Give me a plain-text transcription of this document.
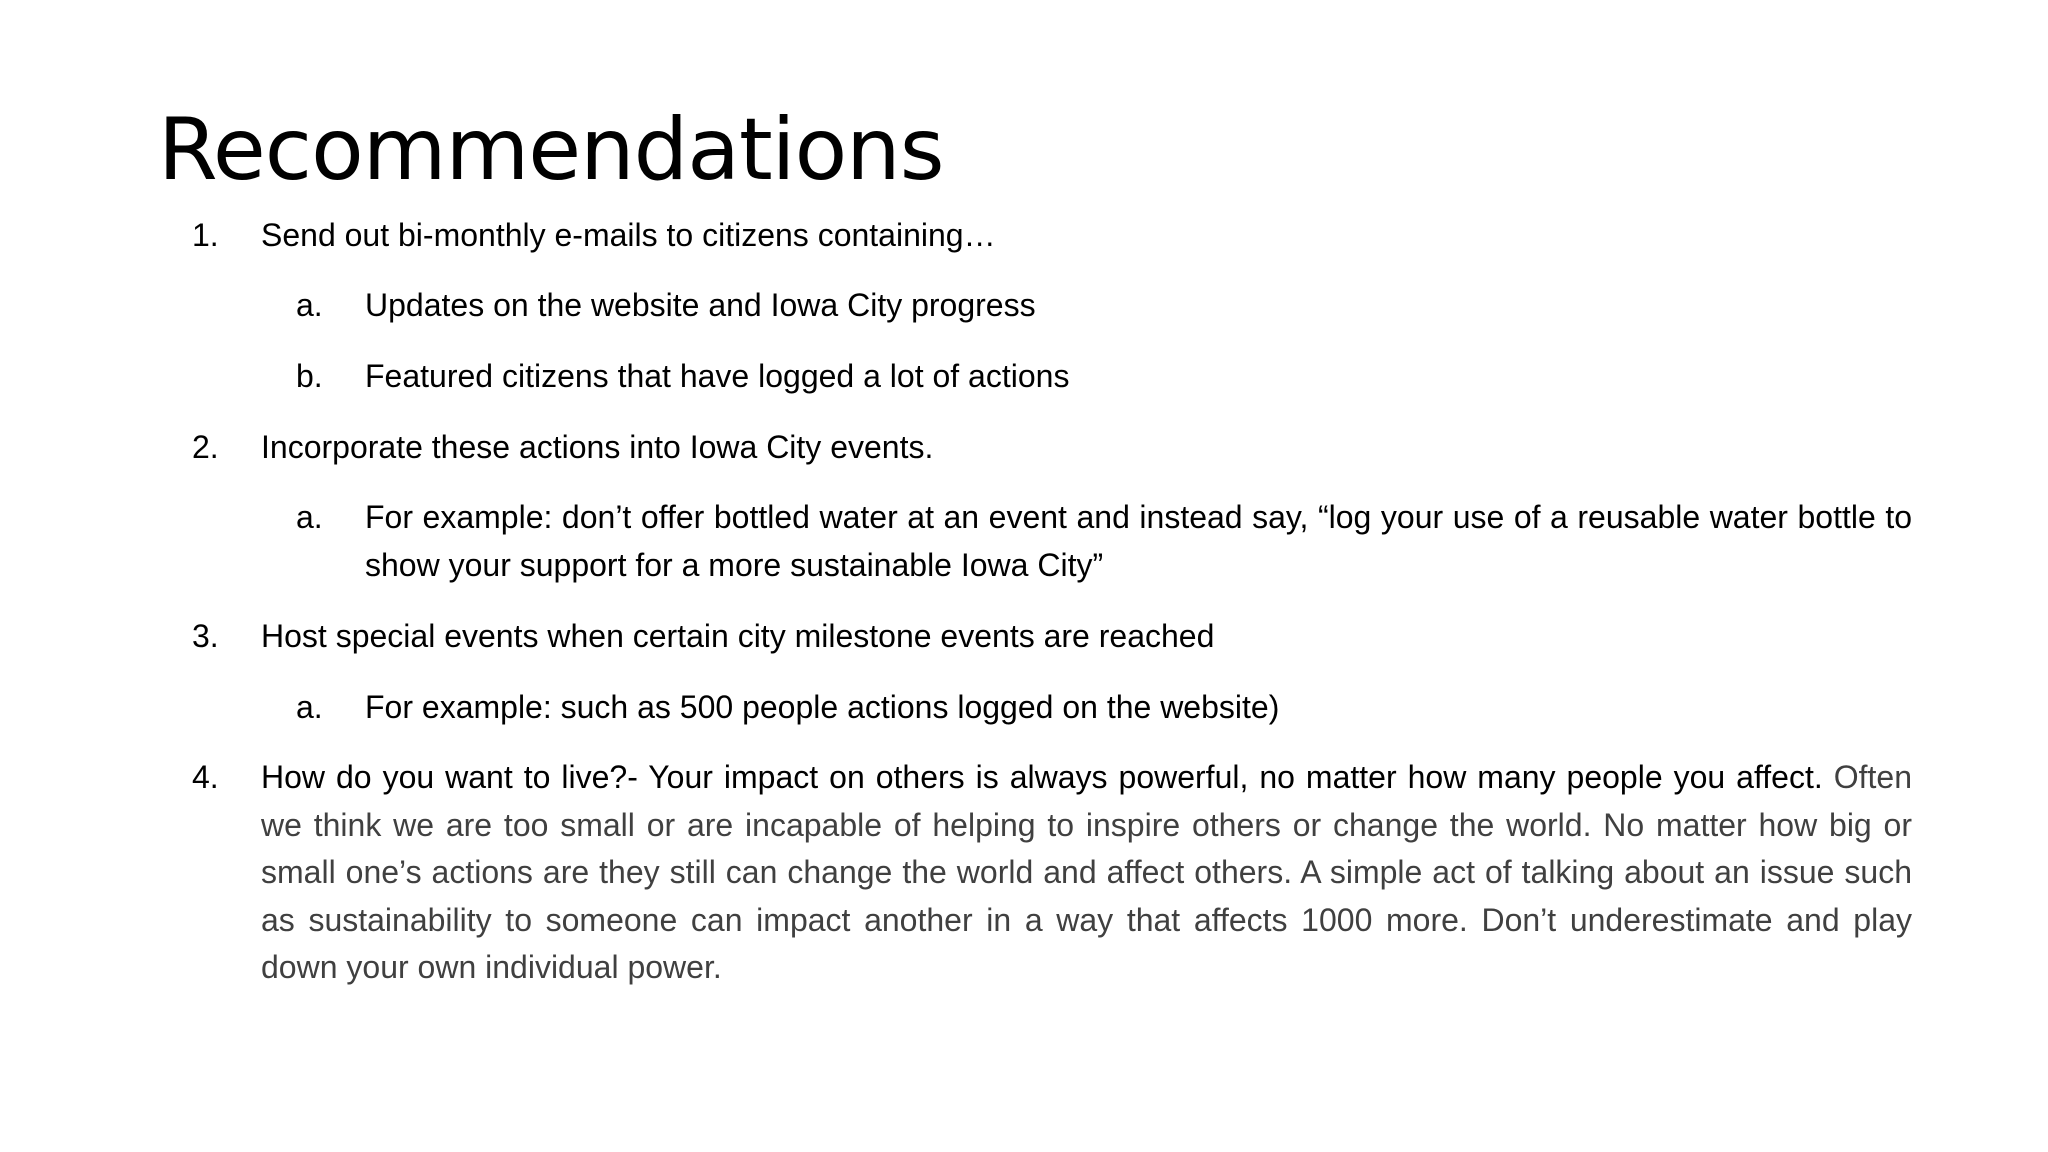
Recommendations
1. Send out bi-monthly e-mails to citizens containing…
a. Updates on the website and Iowa City progress
b. Featured citizens that have logged a lot of actions
2. Incorporate these actions into Iowa City events.
a. For example: don’t offer bottled water at an event and instead say, “log your use of a reusable water bottle to show your support for a more sustainable Iowa City”
3. Host special events when certain city milestone events are reached
a. For example: such as 500 people actions logged on the website)
4. How do you want to live?- Your impact on others is always powerful, no matter how many people you affect. Often we think we are too small or are incapable of helping to inspire others or change the world. No matter how big or small one’s actions are they still can change the world and affect others. A simple act of talking about an issue such as sustainability to someone can impact another in a way that affects 1000 more. Don’t underestimate and play down your own individual power.
